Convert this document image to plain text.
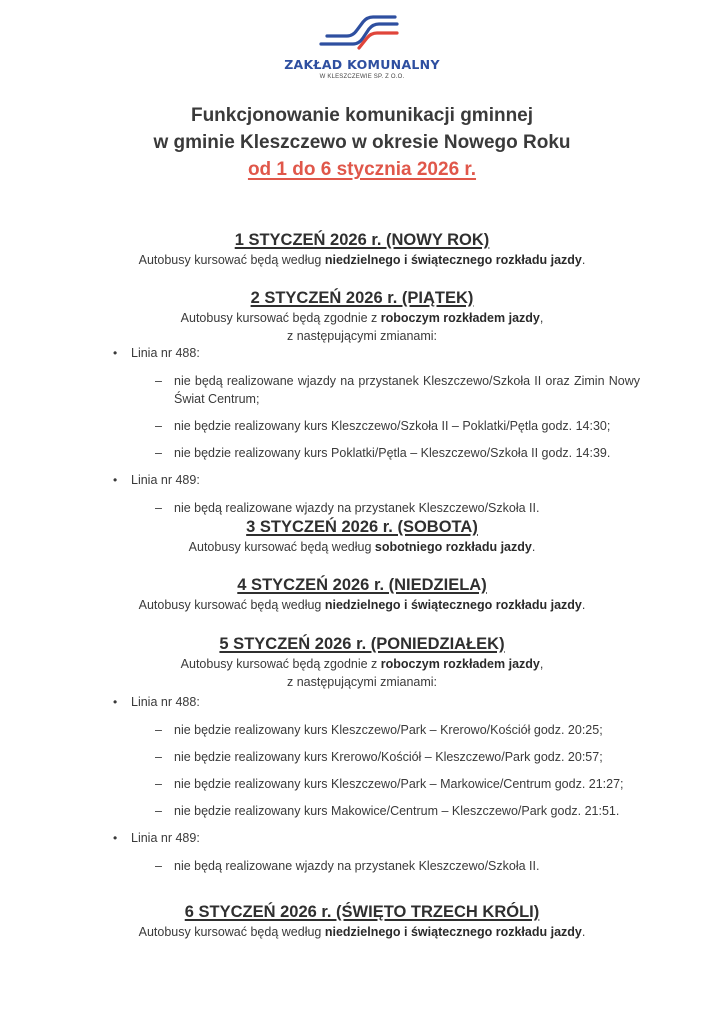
ZAKŁAD KOMUNALNY
W KLESZCZEWIE SP. Z O.O.
Funkcjonowanie komunikacji gminnej
w gminie Kleszczewo w okresie Nowego Roku
od 1 do 6 stycznia 2026 r.
1 STYCZEŃ 2026 r. (NOWY ROK)
Autobusy kursować będą według niedzielnego i świątecznego rozkładu jazdy.
2 STYCZEŃ 2026 r. (PIĄTEK)
Autobusy kursować będą zgodnie z roboczym rozkładem jazdy,
z następującymi zmianami:
• Linia nr 488:
– nie będą realizowane wjazdy na przystanek Kleszczewo/Szkoła II oraz Zimin Nowy Świat Centrum;
– nie będzie realizowany kurs Kleszczewo/Szkoła II – Poklatki/Pętla godz. 14:30;
– nie będzie realizowany kurs Poklatki/Pętla – Kleszczewo/Szkoła II godz. 14:39.
• Linia nr 489:
– nie będą realizowane wjazdy na przystanek Kleszczewo/Szkoła II.
3 STYCZEŃ 2026 r. (SOBOTA)
Autobusy kursować będą według sobotniego rozkładu jazdy.
4 STYCZEŃ 2026 r. (NIEDZIELA)
Autobusy kursować będą według niedzielnego i świątecznego rozkładu jazdy.
5 STYCZEŃ 2026 r. (PONIEDZIAŁEK)
Autobusy kursować będą zgodnie z roboczym rozkładem jazdy,
z następującymi zmianami:
• Linia nr 488:
– nie będzie realizowany kurs Kleszczewo/Park – Krerowo/Kościół godz. 20:25;
– nie będzie realizowany kurs Krerowo/Kościół – Kleszczewo/Park godz. 20:57;
– nie będzie realizowany kurs Kleszczewo/Park – Markowice/Centrum godz. 21:27;
– nie będzie realizowany kurs Makowice/Centrum – Kleszczewo/Park godz. 21:51.
• Linia nr 489:
– nie będą realizowane wjazdy na przystanek Kleszczewo/Szkoła II.
6 STYCZEŃ 2026 r. (ŚWIĘTO TRZECH KRÓLI)
Autobusy kursować będą według niedzielnego i świątecznego rozkładu jazdy.
